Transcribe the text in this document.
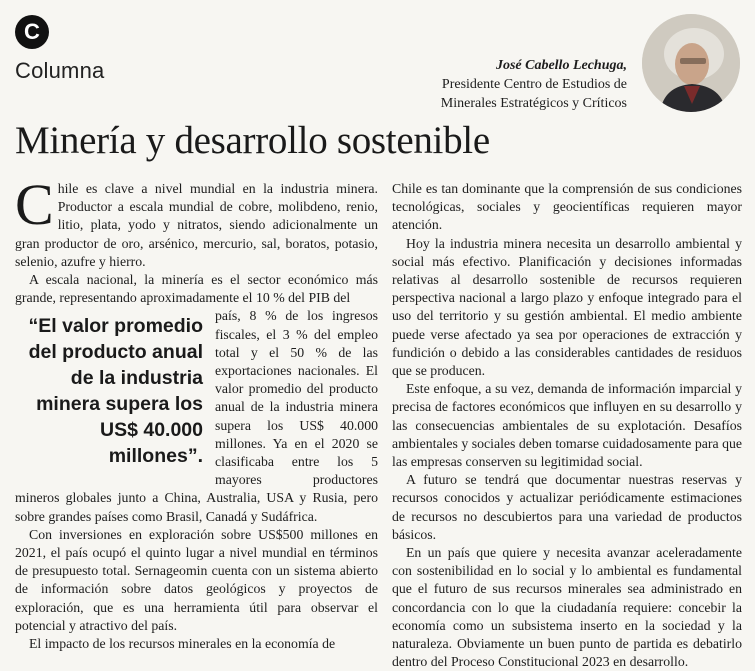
C
Columna	José Cabello Lechuga,
Presidente Centro de Estudios de
Minerales Estratégicos y Críticos
Minería y desarrollo sostenible

Chile es clave a nivel mundial en la industria minera. Productor a escala mundial de cobre, molibdeno, renio, litio, plata, yodo y nitratos, siendo adicionalmente un gran productor de oro, arsénico, mercurio, sal, boratos, potasio, selenio, azufre y hierro.

A escala nacional, la minería es el sector económico más grande, representando aproximadamente el 10 % del PIB del

“El valor promedio del producto anual de la industria minera supera los US$ 40.000 millones”.

país, 8 % de los ingresos fiscales, el 3 % del empleo total y el 50 % de las exportaciones nacionales. El valor promedio del producto anual de la industria minera supera los US$ 40.000 millones. Ya en el 2020 se clasificaba entre los 5 mayores productores mineros globales junto a China, Australia, USA y Rusia, pero sobre grandes países como Brasil, Canadá y Sudáfrica.

Con inversiones en exploración sobre US$500 millones en 2021, el país ocupó el quinto lugar a nivel mundial en términos de presupuesto total. Sernageomin cuenta con un sistema abierto de información sobre datos geológicos y proyectos de exploración, que es una herramienta útil para observar el potencial y atractivo del país.

El impacto de los recursos minerales en la economía de

Chile es tan dominante que la comprensión de sus condiciones tecnológicas, sociales y geocientíficas requieren mayor atención.

Hoy la industria minera necesita un desarrollo ambiental y social más efectivo. Planificación y decisiones informadas relativas al desarrollo sostenible de recursos requieren perspectiva nacional a largo plazo y enfoque integrado para el uso del territorio y su gestión ambiental. El medio ambiente puede verse afectado ya sea por operaciones de extracción y fundición o debido a las considerables cantidades de residuos que se producen.

Este enfoque, a su vez, demanda de información imparcial y precisa de factores económicos que influyen en su desarrollo y las consecuencias ambientales de su explotación. Desafíos ambientales y sociales deben tomarse cuidadosamente para que las empresas conserven su legitimidad social.

A futuro se tendrá que documentar nuestras reservas y recursos conocidos y actualizar periódicamente estimaciones de recursos no descubiertos para una variedad de productos básicos.

En un país que quiere y necesita avanzar aceleradamente con sostenibilidad en lo social y lo ambiental es fundamental que el futuro de sus recursos minerales sea administrado en concordancia con lo que la ciudadanía requiere: concebir la economía como un subsistema inserto en la sociedad y la naturaleza. Obviamente un buen punto de partida es debatirlo dentro del Proceso Constitucional 2023 en desarrollo.
